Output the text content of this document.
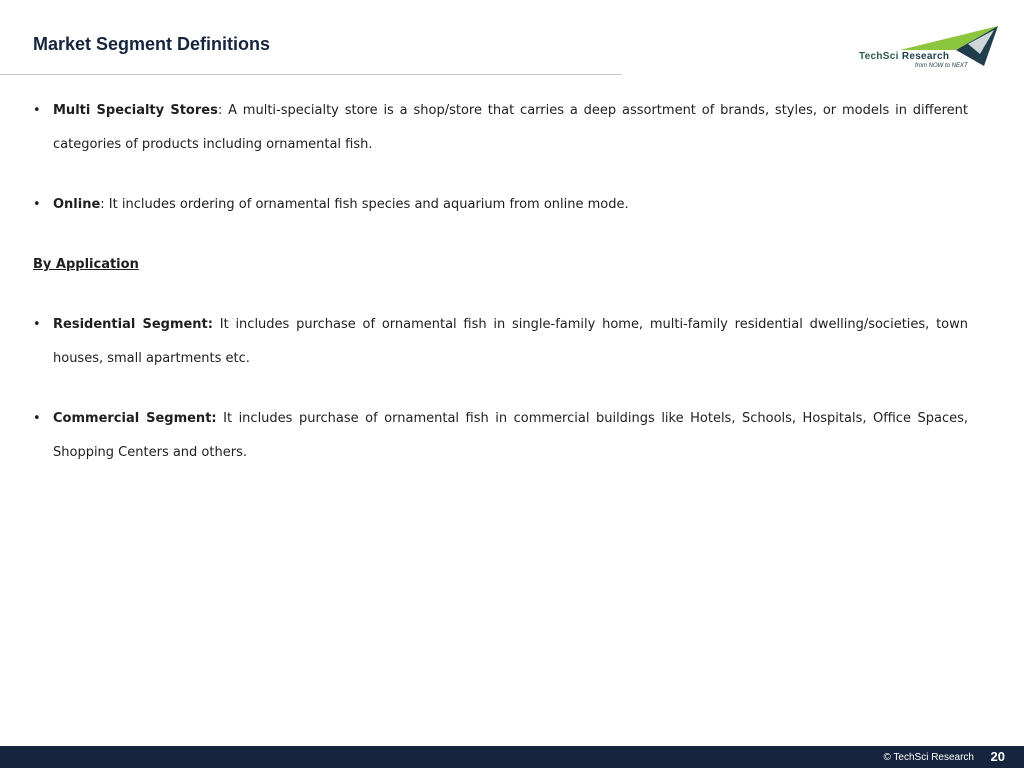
Market Segment Definitions
TechSci Research
from NOW to NEXT

• Multi Specialty Stores: A multi-specialty store is a shop/store that carries a deep assortment of brands, styles, or models in different categories of products including ornamental fish.

• Online: It includes ordering of ornamental fish species and aquarium from online mode.

By Application

• Residential Segment: It includes purchase of ornamental fish in single-family home, multi-family residential dwelling/societies, town houses, small apartments etc.

• Commercial Segment: It includes purchase of ornamental fish in commercial buildings like Hotels, Schools, Hospitals, Office Spaces, Shopping Centers and others.

© TechSci Research 20
